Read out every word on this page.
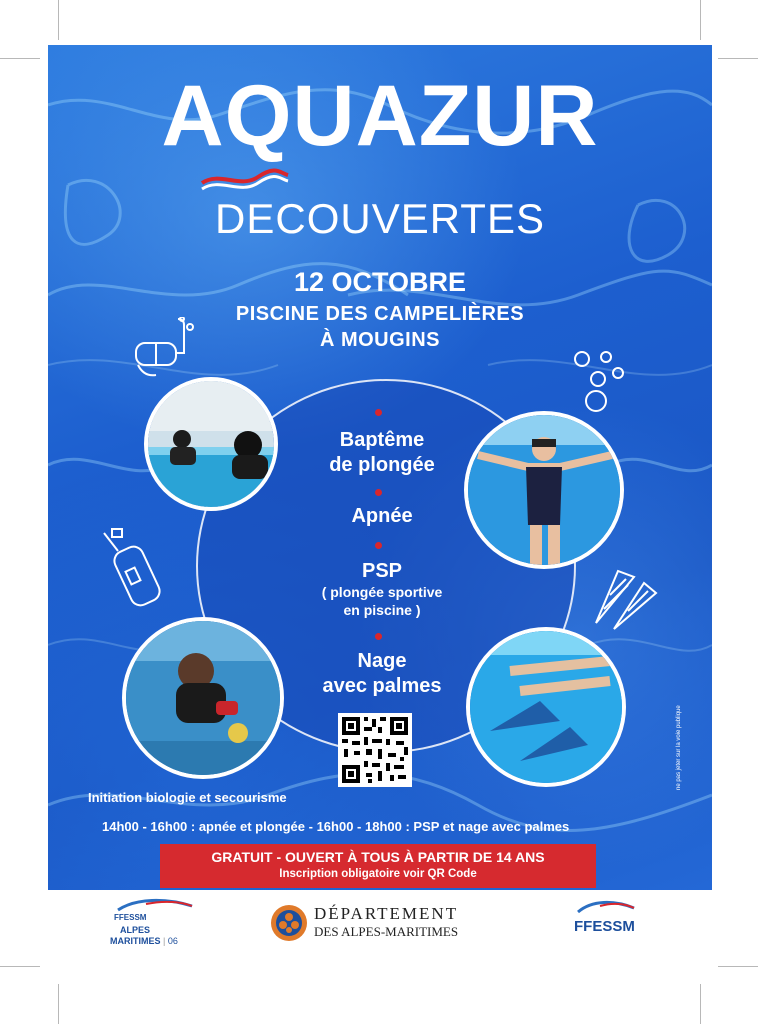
AQUAZUR
DECOUVERTES
12 OCTOBRE
PISCINE DES CAMPELIÈRES
À MOUGINS
Baptême
de plongée
Apnée
PSP
( plongée sportive
en piscine )
Nage
avec palmes
Initiation biologie et secourisme
14h00 - 16h00 : apnée et plongée - 16h00 - 18h00 : PSP et nage avec palmes
GRATUIT - OUVERT À TOUS À PARTIR DE 14 ANS
Inscription obligatoire voir QR Code
ne pas jeter sur la voie publique
FFESSM
ALPES
MARITIMES | 06
DÉPARTEMENT
DES ALPES-MARITIMES	FFESSM
